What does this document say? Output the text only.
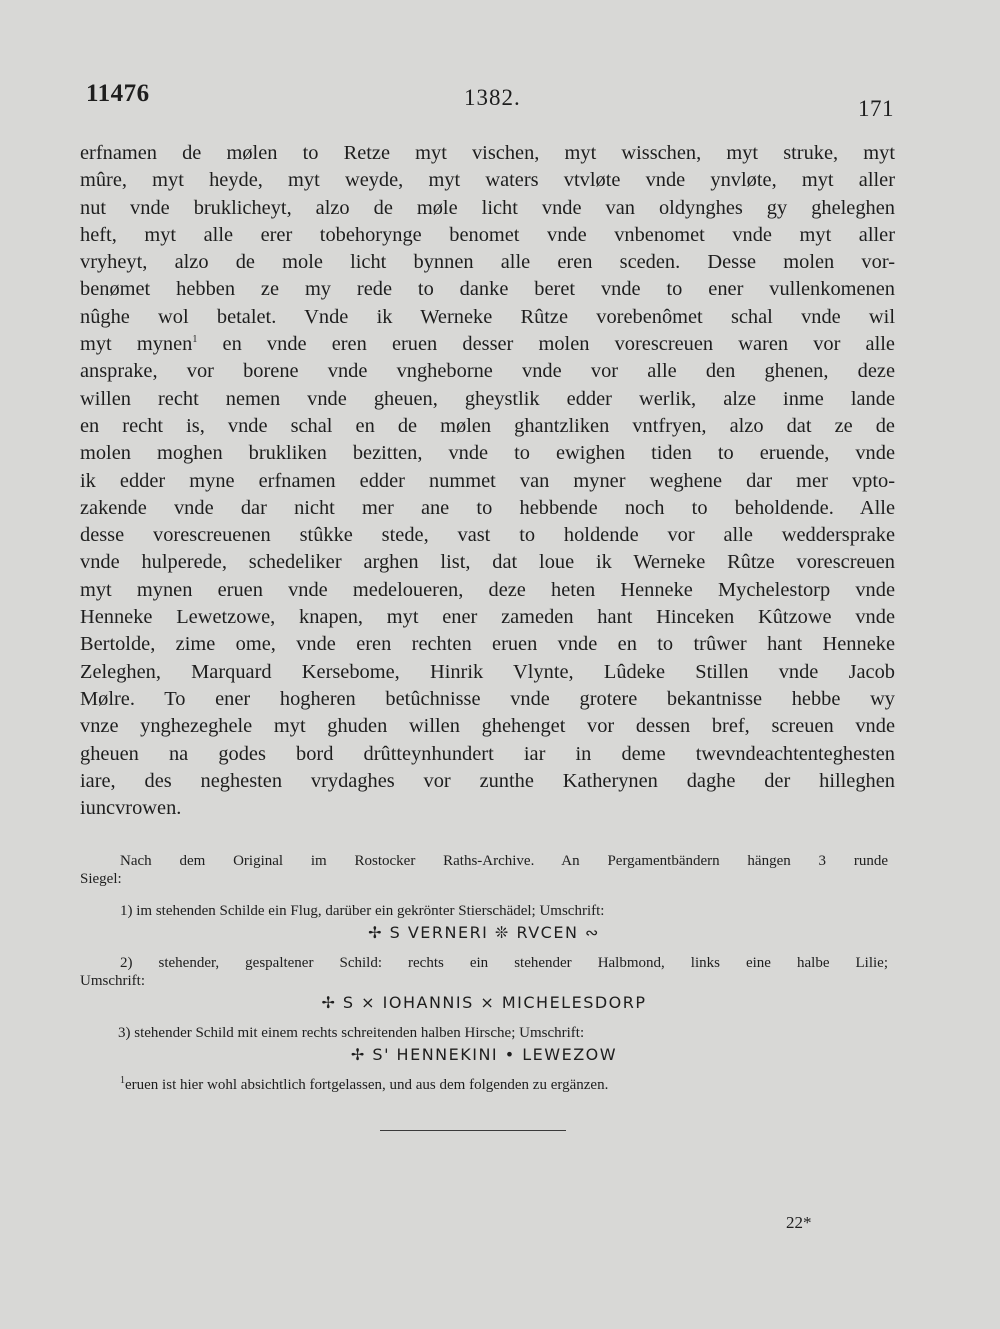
11476	1382.	171
erfnamen de mølen to Retze myt vischen, myt wisschen, myt struke, myt
mûre, myt heyde, myt weyde, myt waters vtvløte vnde ynvløte, myt aller
nut vnde bruklicheyt, alzo de møle licht vnde van oldynghes gy gheleghen
heft, myt alle erer tobehorynge benomet vnde vnbenomet vnde myt aller
vryheyt, alzo de mole licht bynnen alle eren sceden. Desse molen vor-
benømet hebben ze my rede to danke beret vnde to ener vullenkomenen
nûghe wol betalet. Vnde ik Werneke Rûtze vorebenômet schal vnde wil
myt mynen$^1$ en vnde eren eruen desser molen vorescreuen waren vor alle
ansprake, vor borene vnde vngheborne vnde vor alle den ghenen, deze
willen recht nemen vnde gheuen, gheystlik edder werlik, alze inme lande
en recht is, vnde schal en de mølen ghantzliken vntfryen, alzo dat ze de
molen moghen brukliken bezitten, vnde to ewighen tiden to eruende, vnde
ik edder myne erfnamen edder nummet van myner weghene dar mer vpto-
zakende vnde dar nicht mer ane to hebbende noch to beholdende. Alle
desse vorescreuenen stûkke stede, vast to holdende vor alle weddersprake
vnde hulperede, schedeliker arghen list, dat loue ik Werneke Rûtze vorescreuen
myt mynen eruen vnde medeloueren, deze heten Henneke Mychelestorp vnde
Henneke Lewetzowe, knapen, myt ener zameden hant Hinceken Kûtzowe vnde
Bertolde, zime ome, vnde eren rechten eruen vnde en to trûwer hant Henneke
Zeleghen, Marquard Kersebome, Hinrik Vlynte, Lûdeke Stillen vnde Jacob
Mølre. To ener hogheren betûchnisse vnde grotere bekantnisse hebbe wy
vnze ynghezeghele myt ghuden willen ghehenget vor dessen bref, screuen vnde
gheuen na godes bord drûtteynhundert iar in deme twevndeachtenteghesten
iare, des neghesten vrydaghes vor zunthe Katherynen daghe der hilleghen
iuncvrowen.
Nach dem Original im Rostocker Raths-Archive. An Pergamentbändern hängen 3 runde
Siegel:
1) im stehenden Schilde ein Flug, darüber ein gekrönter Stierschädel; Umschrift:
✢ S VERNERI ❊ RVCEN ∾
2) stehender, gespaltener Schild: rechts ein stehender Halbmond, links eine halbe Lilie;
Umschrift:
✢ S × IOHANNIS × MICHELESDORP
3) stehender Schild mit einem rechts schreitenden halben Hirsche; Umschrift:
✢ S' HENNEKINI • LEWEZOW
$^1$eruen ist hier wohl absichtlich fortgelassen, und aus dem folgenden zu ergänzen.
22*
